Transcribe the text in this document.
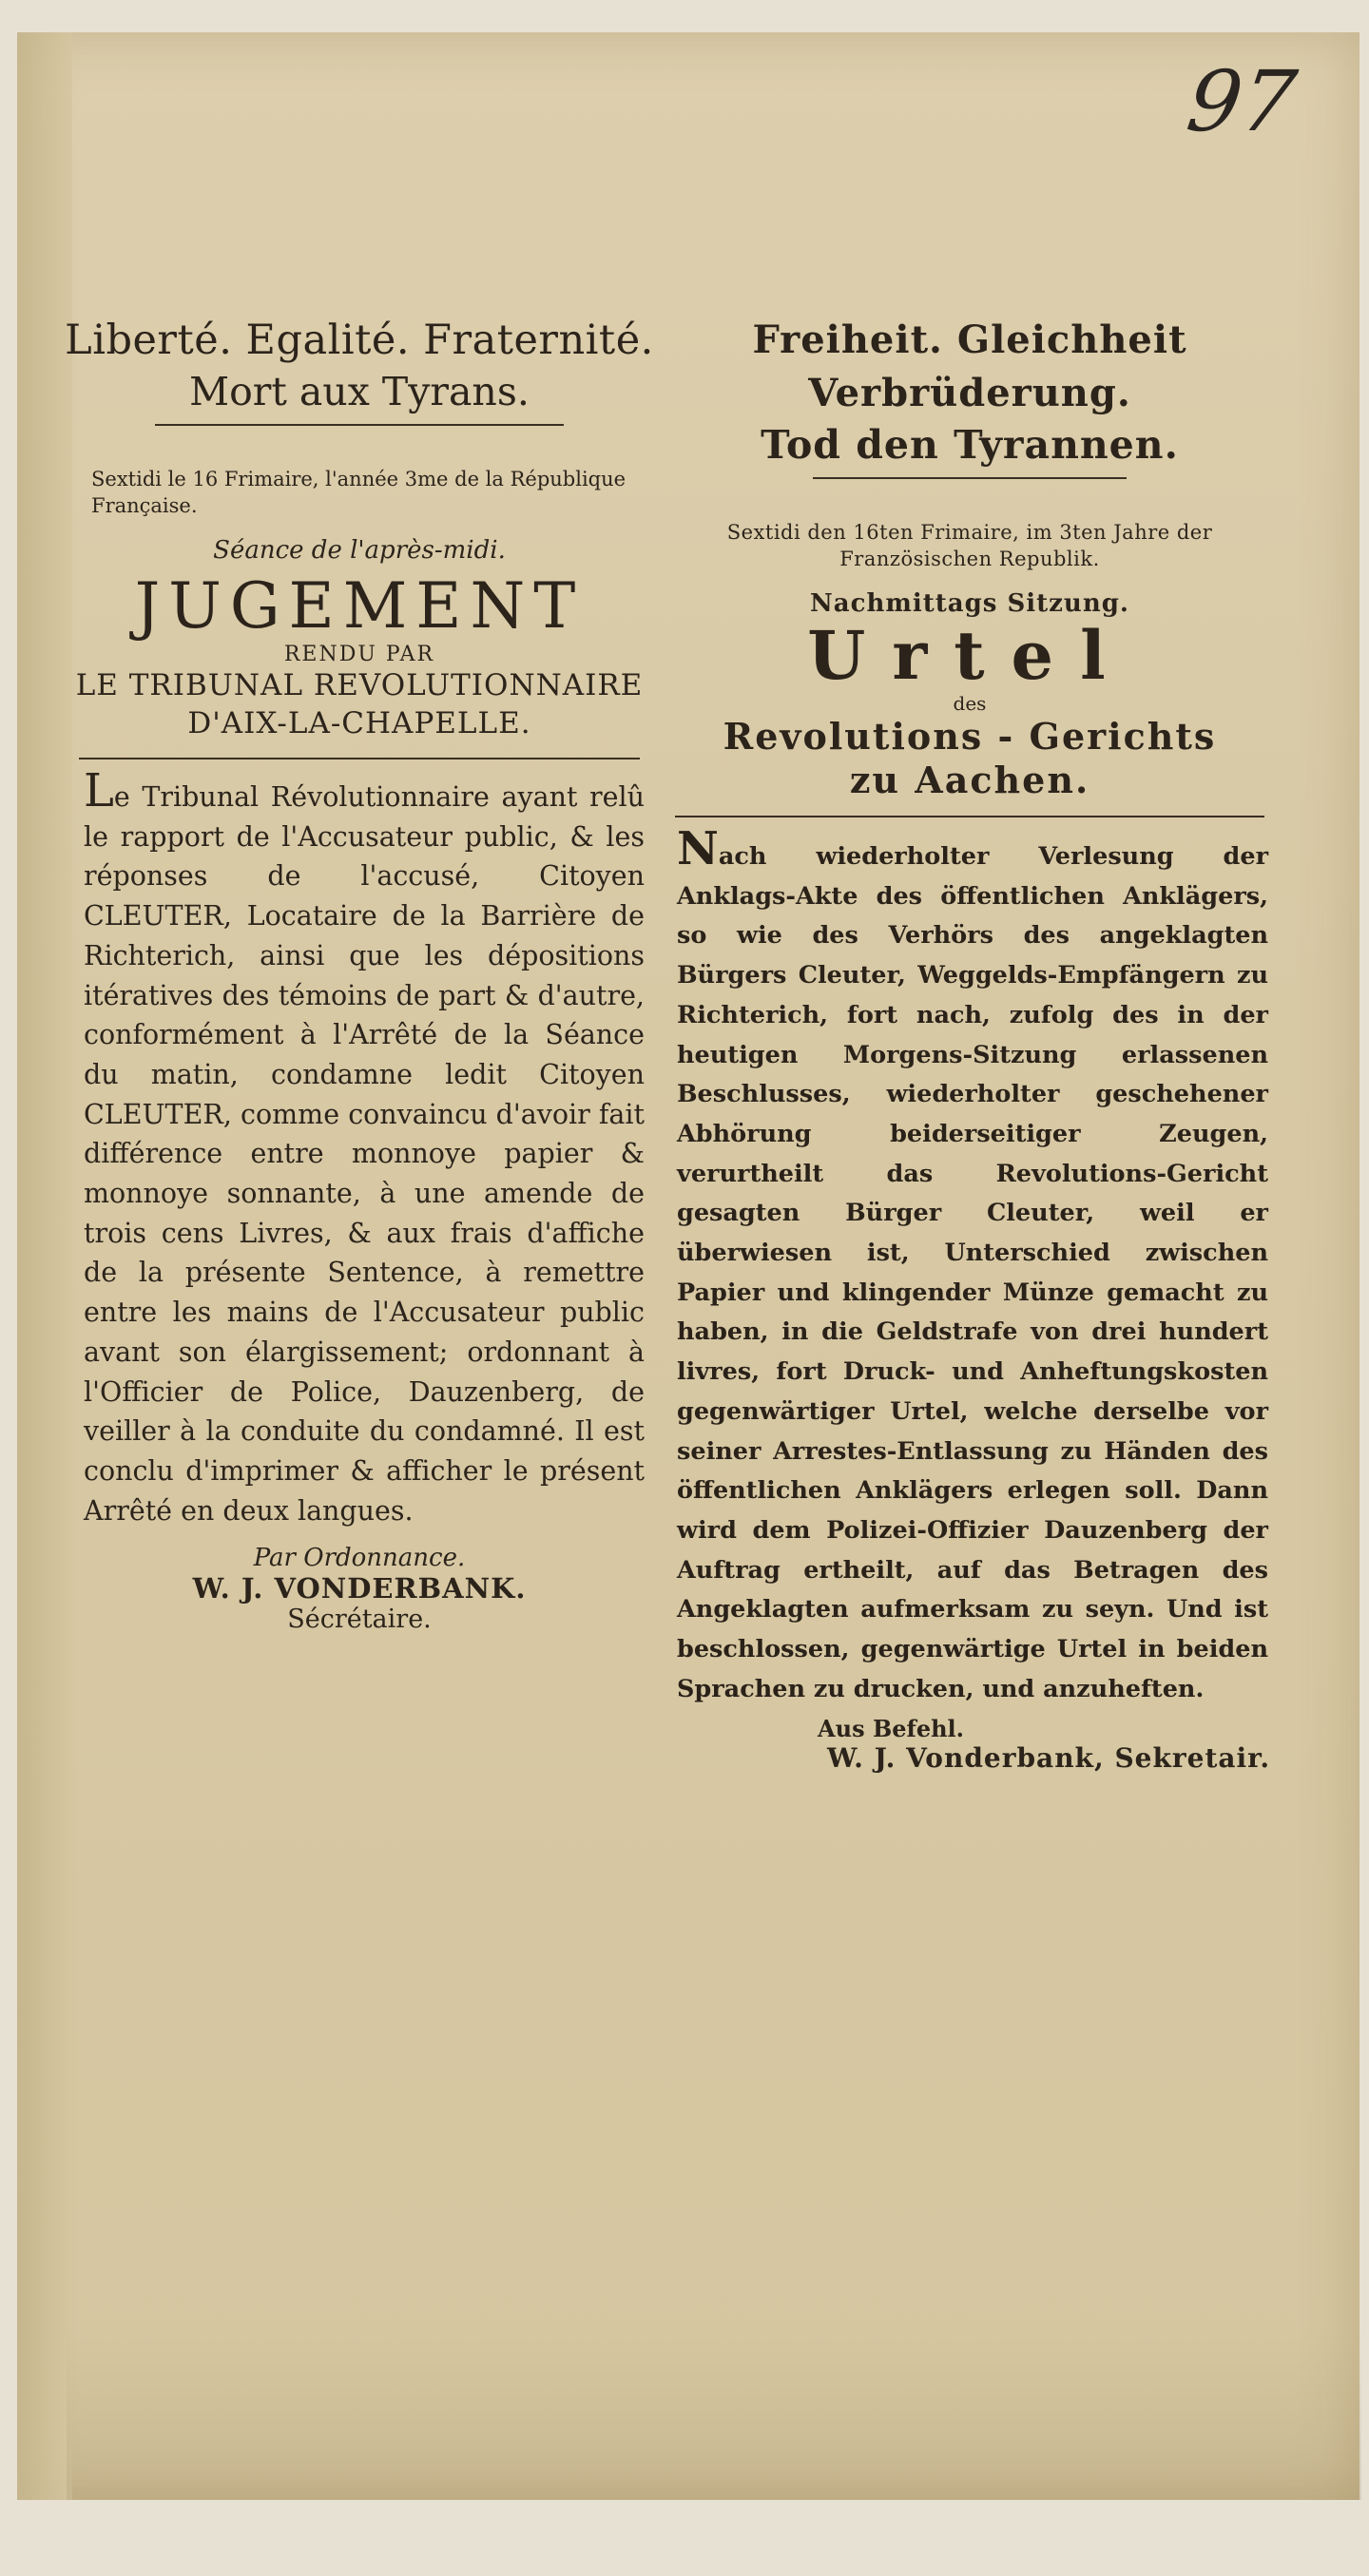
97
Liberté. Egalité. Fraternité.
Mort aux Tyrans.
Sextidi le 16 Frimaire, l'année 3me de la République Française.
Séance de l'après-midi.
JUGEMENT
RENDU PAR
LE TRIBUNAL REVOLUTIONNAIRE
D'AIX-LA-CHAPELLE.

Le Tribunal Révolutionnaire ayant relû le rapport de l'Accusateur public, & les réponses de l'accusé, Citoyen CLEUTER, Locataire de la Barrière de Richterich, ainsi que les dépositions itératives des témoins de part & d'autre, conformément à l'Arrêté de la Séance du matin, condamne ledit Citoyen CLEUTER, comme convaincu d'avoir fait différence entre monnoye papier & monnoye sonnante, à une amende de trois cens Livres, & aux frais d'affiche de la présente Sentence, à remettre entre les mains de l'Accusateur public avant son élargissement; ordonnant à l'Officier de Police, Dauzenberg, de veiller à la conduite du condamné. Il est conclu d'imprimer & afficher le présent Arrêté en deux langues.

Par Ordonnance.
W. J. VONDERBANK.
Sécrétaire.
Freiheit. Gleichheit Verbrüderung.
Tod den Tyrannen.
Sextidi den 16ten Frimaire, im 3ten Jahre der Französischen Republik.
Nachmittags Sitzung.
Urtel
des
Revolutions - Gerichts
zu Aachen.

Nach wiederholter Verlesung der Anklags-Akte des öffentlichen Anklägers, so wie des Verhörs des angeklagten Bürgers Cleuter, Weggelds-Empfängern zu Richterich, fort nach, zufolg des in der heutigen Morgens-Sitzung erlassenen Beschlusses, wiederholter geschehener Abhörung beiderseitiger Zeugen, verurtheilt das Revolutions-Gericht gesagten Bürger Cleuter, weil er überwiesen ist, Unterschied zwischen Papier und klingender Münze gemacht zu haben, in die Geldstrafe von drei hundert livres, fort Druck- und Anheftungskosten gegenwärtiger Urtel, welche derselbe vor seiner Arrestes-Entlassung zu Händen des öffentlichen Anklägers erlegen soll. Dann wird dem Polizei-Offizier Dauzenberg der Auftrag ertheilt, auf das Betragen des Angeklagten aufmerksam zu seyn. Und ist beschlossen, gegenwärtige Urtel in beiden Sprachen zu drucken, und anzuheften.

Aus Befehl.
W. J. Vonderbank, Sekretair.
